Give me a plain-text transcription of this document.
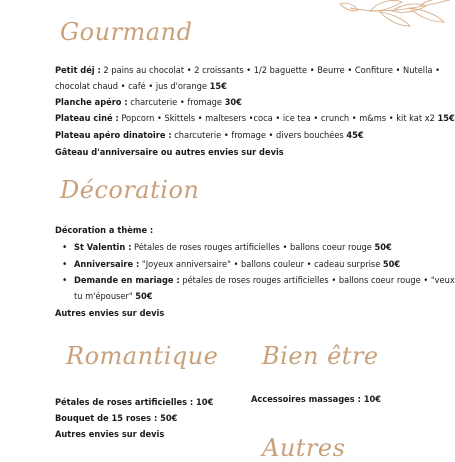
Gourmand
Petit déj : 2 pains au chocolat • 2 croissants • 1/2 baguette • Beurre • Confiture • Nutella •
chocolat chaud • café • jus d'orange 15€
Planche apéro : charcuterie • fromage 30€
Plateau ciné : Popcorn • Skittels • maltesers •coca • ice tea • crunch • m&ms • kit kat x2 15€
Plateau apéro dinatoire : charcuterie • fromage • divers bouchées 45€
Gâteau d'anniversaire ou autres envies sur devis
Décoration
Décoration a thème :
• St Valentin : Pétales de roses rouges artificielles • ballons coeur rouge 50€
• Anniversaire : "Joyeux anniversaire" • ballons couleur • cadeau surprise 50€
• Demande en mariage : pétales de roses rouges artificielles • ballons coeur rouge • "veux
tu m'épouser" 50€
Autres envies sur devis
Romantique
Pétales de roses artificielles : 10€
Bouquet de 15 roses : 50€
Autres envies sur devis
Bien être
Accessoires massages : 10€
Autres
